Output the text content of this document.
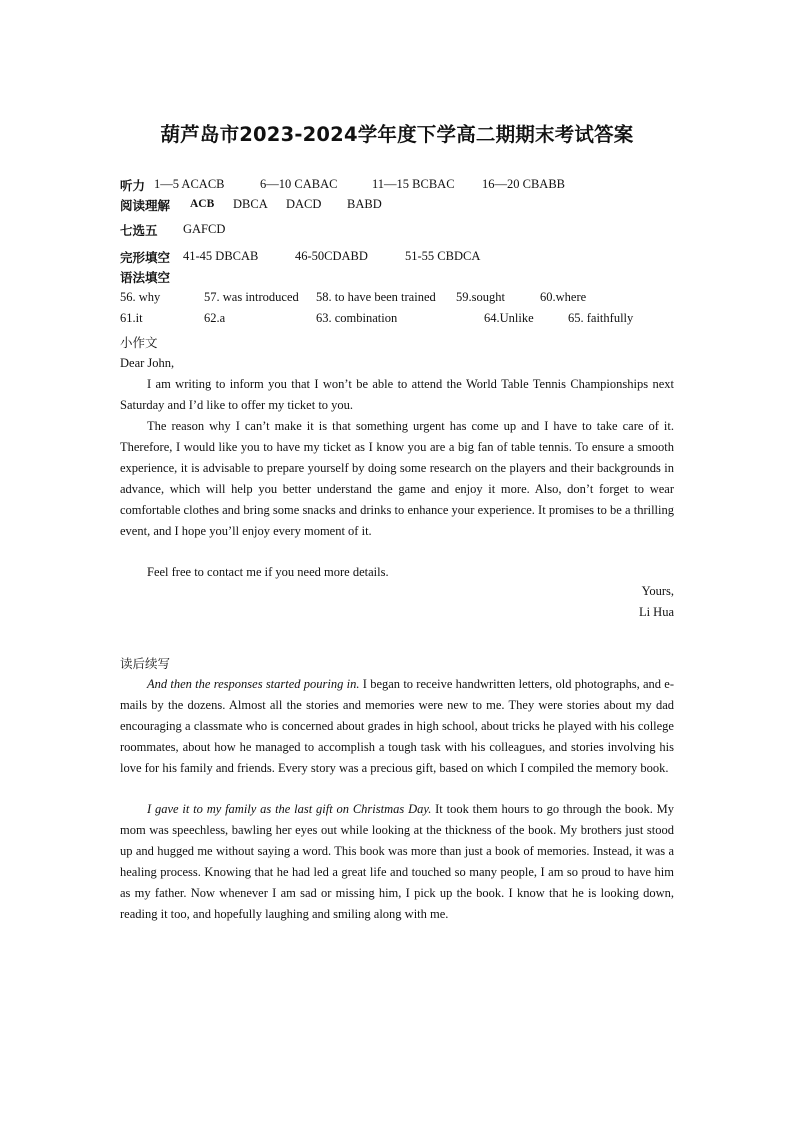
葫芦岛市2023-2024学年度下学高二期期末考试答案
听力 1—5 ACACB	6—10 CABAC	11—15 BCBAC 16—20 CBABB
阅读理解 ACB DBCA DACD BABD
七选五 GAFCD
完形填空 41-45 DBCAB	46-50CDABD	51-55 CBDCA
语法填空
56. why	57. was introduced 58. to have been trained 59.sought	60.where
61.it	62.a	63. combination	64.Unlike	65. faithfully
小作文
Dear John,

I am writing to inform you that I won’t be able to attend the World Table Tennis Championships next Saturday and I’d like to offer my ticket to you.

The reason why I can’t make it is that something urgent has come up and I have to take care of it. Therefore, I would like you to have my ticket as I know you are a big fan of table tennis. To ensure a smooth experience, it is advisable to prepare yourself by doing some research on the players and their backgrounds in advance, which will help you better understand the game and enjoy it more. Also, don’t forget to wear comfortable clothes and bring some snacks and drinks to enhance your experience. It promises to be a thrilling event, and I hope you’ll enjoy every moment of it.

Feel free to contact me if you need more details.

Yours,
Li Hua
读后续写

And then the responses started pouring in. I began to receive handwritten letters, old photographs, and e-mails by the dozens. Almost all the stories and memories were new to me. They were stories about my dad encouraging a classmate who is concerned about grades in high school, about tricks he played with his college roommates, about how he managed to accomplish a tough task with his colleagues, and stories involving his love for his family and friends. Every story was a precious gift, based on which I compiled the memory book.

I gave it to my family as the last gift on Christmas Day. It took them hours to go through the book. My mom was speechless, bawling her eyes out while looking at the thickness of the book. My brothers just stood up and hugged me without saying a word. This book was more than just a book of memories. Instead, it was a healing process. Knowing that he had led a great life and touched so many people, I am so proud to have him as my father. Now whenever I am sad or missing him, I pick up the book. I know that he is looking down, reading it too, and hopefully laughing and smiling along with me.
